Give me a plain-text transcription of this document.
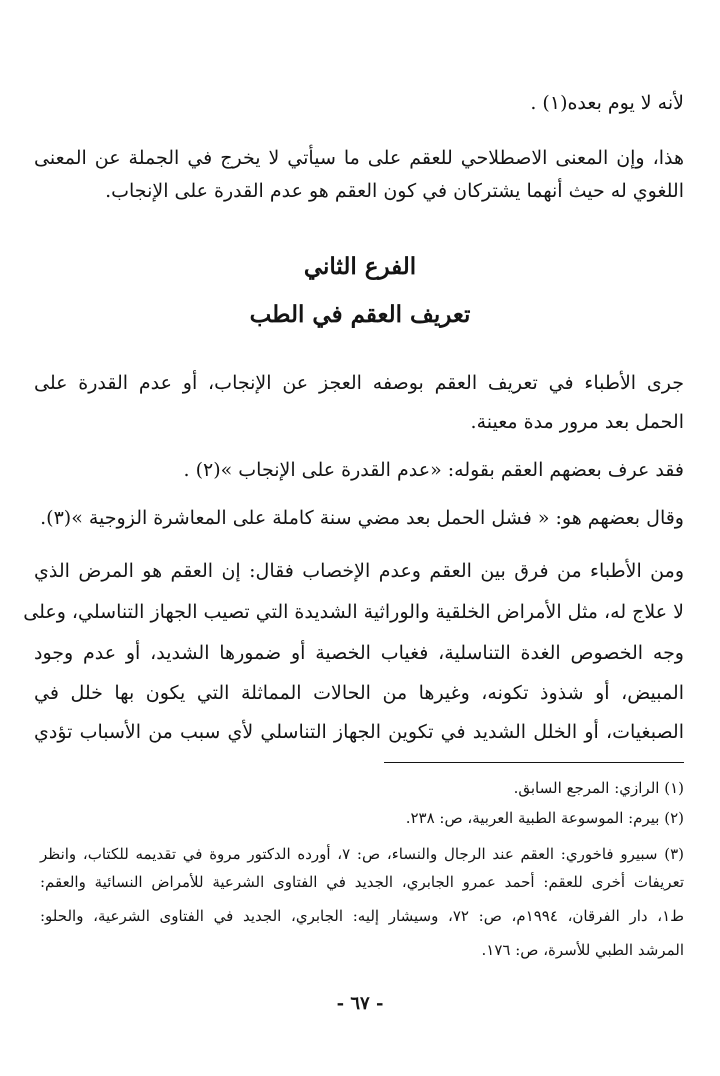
لأنه لا يوم بعده(١) .
هذا، وإن المعنى الاصطلاحي للعقم على ما سيأتي لا يخرج في الجملة عن المعنى
اللغوي له حيث أنهما يشتركان في كون العقم هو عدم القدرة على الإنجاب.
الفرع الثاني
تعريف العقم في الطب
جرى الأطباء في تعريف العقم بوصفه العجز عن الإنجاب، أو عدم القدرة على
الحمل بعد مرور مدة معينة.
فقد عرف بعضهم العقم بقوله: «عدم القدرة على الإنجاب »(٢) .
وقال بعضهم هو: « فشل الحمل بعد مضي سنة كاملة على المعاشرة الزوجية »(٣).
ومن الأطباء من فرق بين العقم وعدم الإخصاب فقال: إن العقم هو المرض الذي
لا علاج له، مثل الأمراض الخلقية والوراثية الشديدة التي تصيب الجهاز التناسلي، وعلى
وجه الخصوص الغدة التناسلية، فغياب الخصية أو ضمورها الشديد، أو عدم وجود
المبيض، أو شذوذ تكونه، وغيرها من الحالات المماثلة التي يكون بها خلل في
الصبغيات، أو الخلل الشديد في تكوين الجهاز التناسلي لأي سبب من الأسباب تؤدي
(١) الرازي: المرجع السابق.
(٢) بيرم: الموسوعة الطبية العربية، ص: ٢٣٨.
(٣) سبيرو فاخوري: العقم عند الرجال والنساء، ص: ٧، أورده الدكتور مروة في تقديمه للكتاب، وانظر
تعريفات أخرى للعقم: أحمد عمرو الجابري، الجديد في الفتاوى الشرعية للأمراض النسائية والعقم:
ط١، دار الفرقان، ١٩٩٤م، ص: ٧٢، وسيشار إليه: الجابري، الجديد في الفتاوى الشرعية، والحلو:
المرشد الطبي للأسرة، ص: ١٧٦.
- ٦٧ -
